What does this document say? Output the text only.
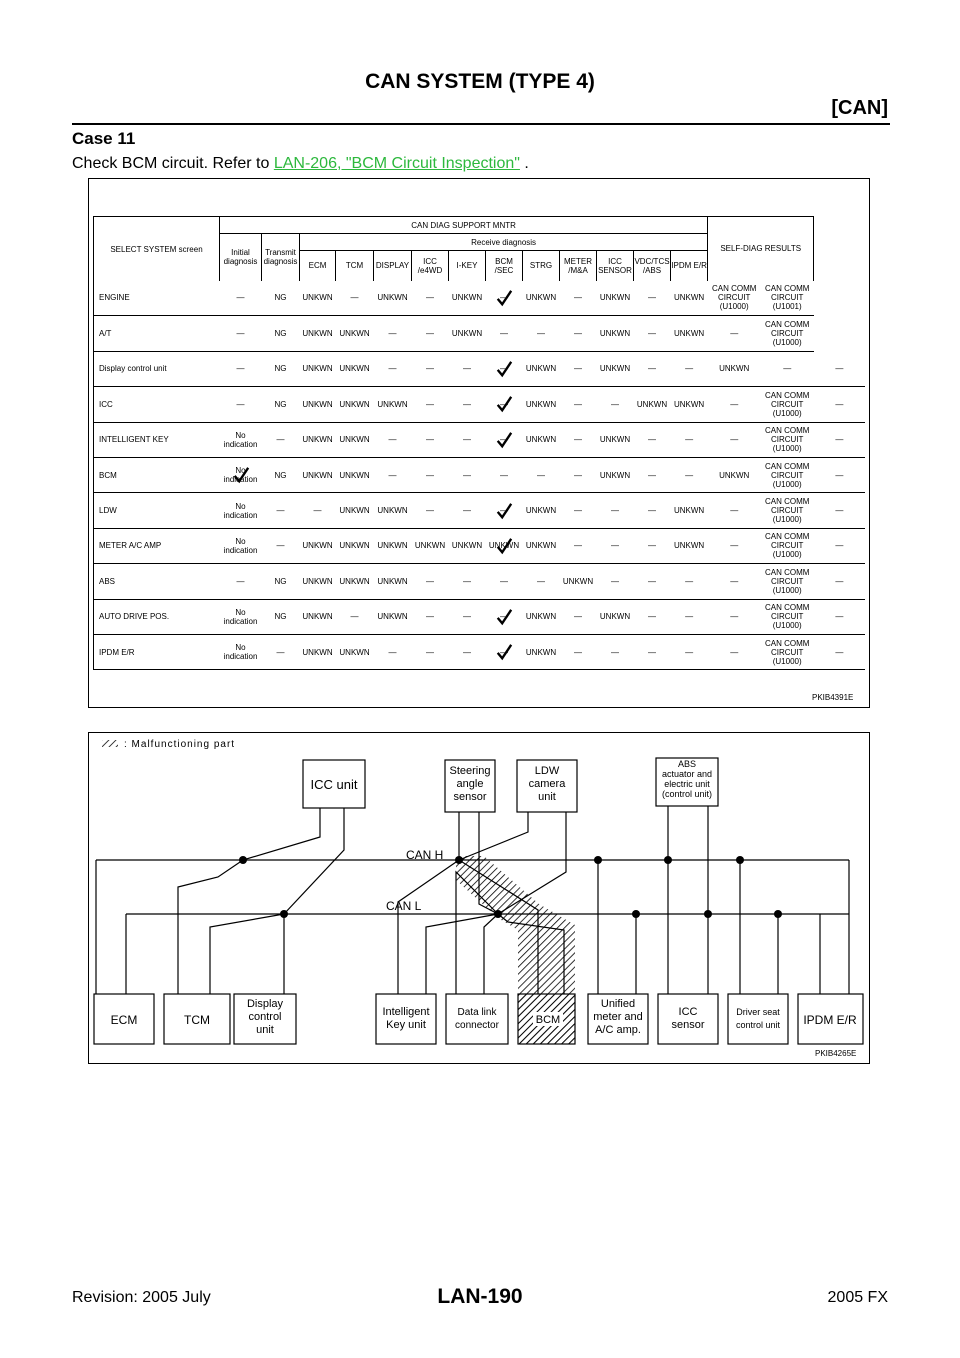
CAN SYSTEM (TYPE 4)
[CAN]
Case 11
Check BCM circuit. Refer to LAN-206, "BCM Circuit Inspection" .
SELECT SYSTEM screen	CAN DIAG SUPPORT MNTR													SELF-DIAG RESULTS		
	Initial diagnosis	Transmit diagnosis	Receive diagnosis													
			ECM	TCM	DISPLAY	ICC /e4WD	I-KEY	BCM /SEC	STRG	METER /M&A	ICC SENSOR	VDC/TCS /ABS	IPDM E/R			
ENGINE	—	NG	UNKWN	—	UNKWN	—	UNKWN	—	UNKWN	—	UNKWN	—	UNKWN	CAN COMM CIRCUIT (U1000)	CAN COMM CIRCUIT (U1001)	
A/T	—	NG	UNKWN	UNKWN	—	—	UNKWN	—	—	—	UNKWN	—	UNKWN	—	CAN COMM CIRCUIT (U1000)	
Display control unit	—	NG	UNKWN	UNKWN	—	—	—	—	UNKWN	—	UNKWN	—	—	UNKWN	—	—
ICC	—	NG	UNKWN	UNKWN	UNKWN	—	—	—	UNKWN	—	—	UNKWN	UNKWN	—	CAN COMM CIRCUIT (U1000)	—
INTELLIGENT KEY	No indication	—	UNKWN	UNKWN	—	—	—	—	UNKWN	—	UNKWN	—	—	—	CAN COMM CIRCUIT (U1000)	—
BCM	No indication	NG	UNKWN	UNKWN	—	—	—	—	—	—	UNKWN	—	—	UNKWN	CAN COMM CIRCUIT (U1000)	—
LDW	No indication	—	—	UNKWN	UNKWN	—	—	—	UNKWN	—	—	—	UNKWN	—	CAN COMM CIRCUIT (U1000)	—
METER A/C AMP	No indication	—	UNKWN	UNKWN	UNKWN	UNKWN	UNKWN	UNKWN	UNKWN	—	—	—	UNKWN	—	CAN COMM CIRCUIT (U1000)	—
ABS	—	NG	UNKWN	UNKWN	UNKWN	—	—	—	—	UNKWN	—	—	—	—	CAN COMM CIRCUIT (U1000)	—
AUTO DRIVE POS.	No indication	NG	UNKWN	—	UNKWN	—	—	—	UNKWN	—	UNKWN	—	—	—	CAN COMM CIRCUIT (U1000)	—
IPDM E/R	No indication	—	UNKWN	UNKWN	—	—	—	—	UNKWN	—	—	—	—	—	CAN COMM CIRCUIT (U1000)	—
PKIB4391E
: Malfunctioning part
CAN H
CAN L
ICC unit
Steering angle sensor
LDW camera unit
ABS actuator and electric unit (control unit)
ECM	TCM
Display control unit
Intelligent Key unit
Data link connector	BCM
Unified meter and A/C amp.
ICC sensor
Driver seat control unit IPDM E/R
PKIB4265E
Revision: 2005 July	LAN-190	2005 FX
